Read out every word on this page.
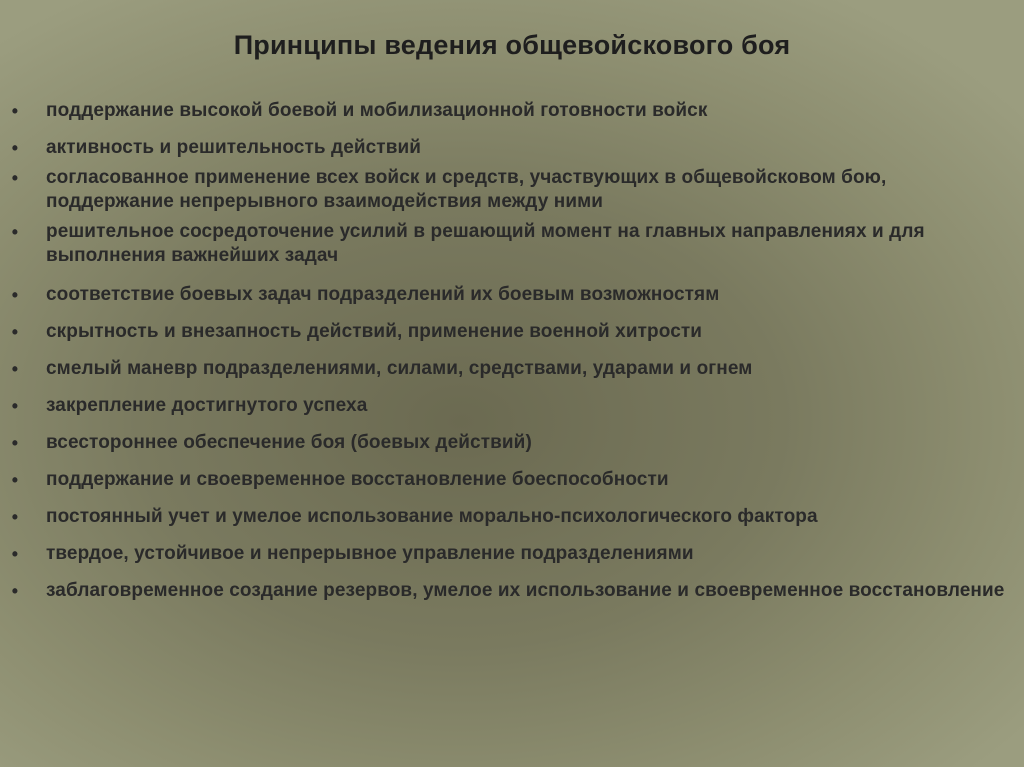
Принципы ведения общевойскового боя
• поддержание высокой боевой и мобилизационной готовности войск
• активность и решительность действий
• согласованное применение всех войск и средств, участвующих в общевойсковом бою, поддержание непрерывного взаимодействия между ними
• решительное сосредоточение усилий в решающий момент на главных направлениях и для выполнения важнейших задач
• соответствие боевых задач подразделений их боевым возможностям
• скрытность и внезапность действий, применение военной хитрости
• смелый маневр подразделениями, силами, средствами, ударами и огнем
• закрепление достигнутого успеха
• всестороннее обеспечение боя (боевых действий)
• поддержание и своевременное восстановление боеспособности
• постоянный учет и умелое использование морально-психологического фактора
• твердое, устойчивое и непрерывное управление подразделениями
• заблаговременное создание резервов, умелое их использование и своевременное восстановление
